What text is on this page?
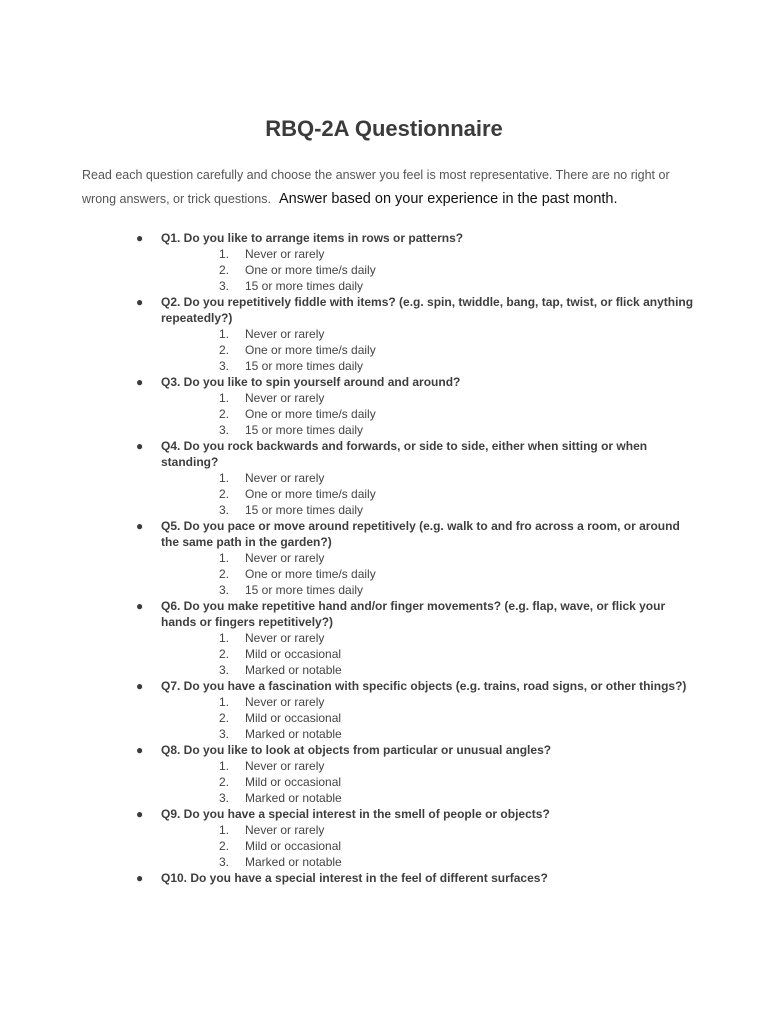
RBQ-2A Questionnaire

Read each question carefully and choose the answer you feel is most representative. There are no right or wrong answers, or trick questions. Answer based on your experience in the past month.

● Q1. Do you like to arrange items in rows or patterns?
1. Never or rarely
2. One or more time/s daily
3. 15 or more times daily
● Q2. Do you repetitively fiddle with items? (e.g. spin, twiddle, bang, tap, twist, or flick anything repeatedly?)
1. Never or rarely
2. One or more time/s daily
3. 15 or more times daily
● Q3. Do you like to spin yourself around and around?
1. Never or rarely
2. One or more time/s daily
3. 15 or more times daily
● Q4. Do you rock backwards and forwards, or side to side, either when sitting or when standing?
1. Never or rarely
2. One or more time/s daily
3. 15 or more times daily
● Q5. Do you pace or move around repetitively (e.g. walk to and fro across a room, or around the same path in the garden?)
1. Never or rarely
2. One or more time/s daily
3. 15 or more times daily
● Q6. Do you make repetitive hand and/or finger movements? (e.g. flap, wave, or flick your hands or fingers repetitively?)
1. Never or rarely
2. Mild or occasional
3. Marked or notable
● Q7. Do you have a fascination with specific objects (e.g. trains, road signs, or other things?)
1. Never or rarely
2. Mild or occasional
3. Marked or notable
● Q8. Do you like to look at objects from particular or unusual angles?
1. Never or rarely
2. Mild or occasional
3. Marked or notable
● Q9. Do you have a special interest in the smell of people or objects?
1. Never or rarely
2. Mild or occasional
3. Marked or notable
● Q10. Do you have a special interest in the feel of different surfaces?
